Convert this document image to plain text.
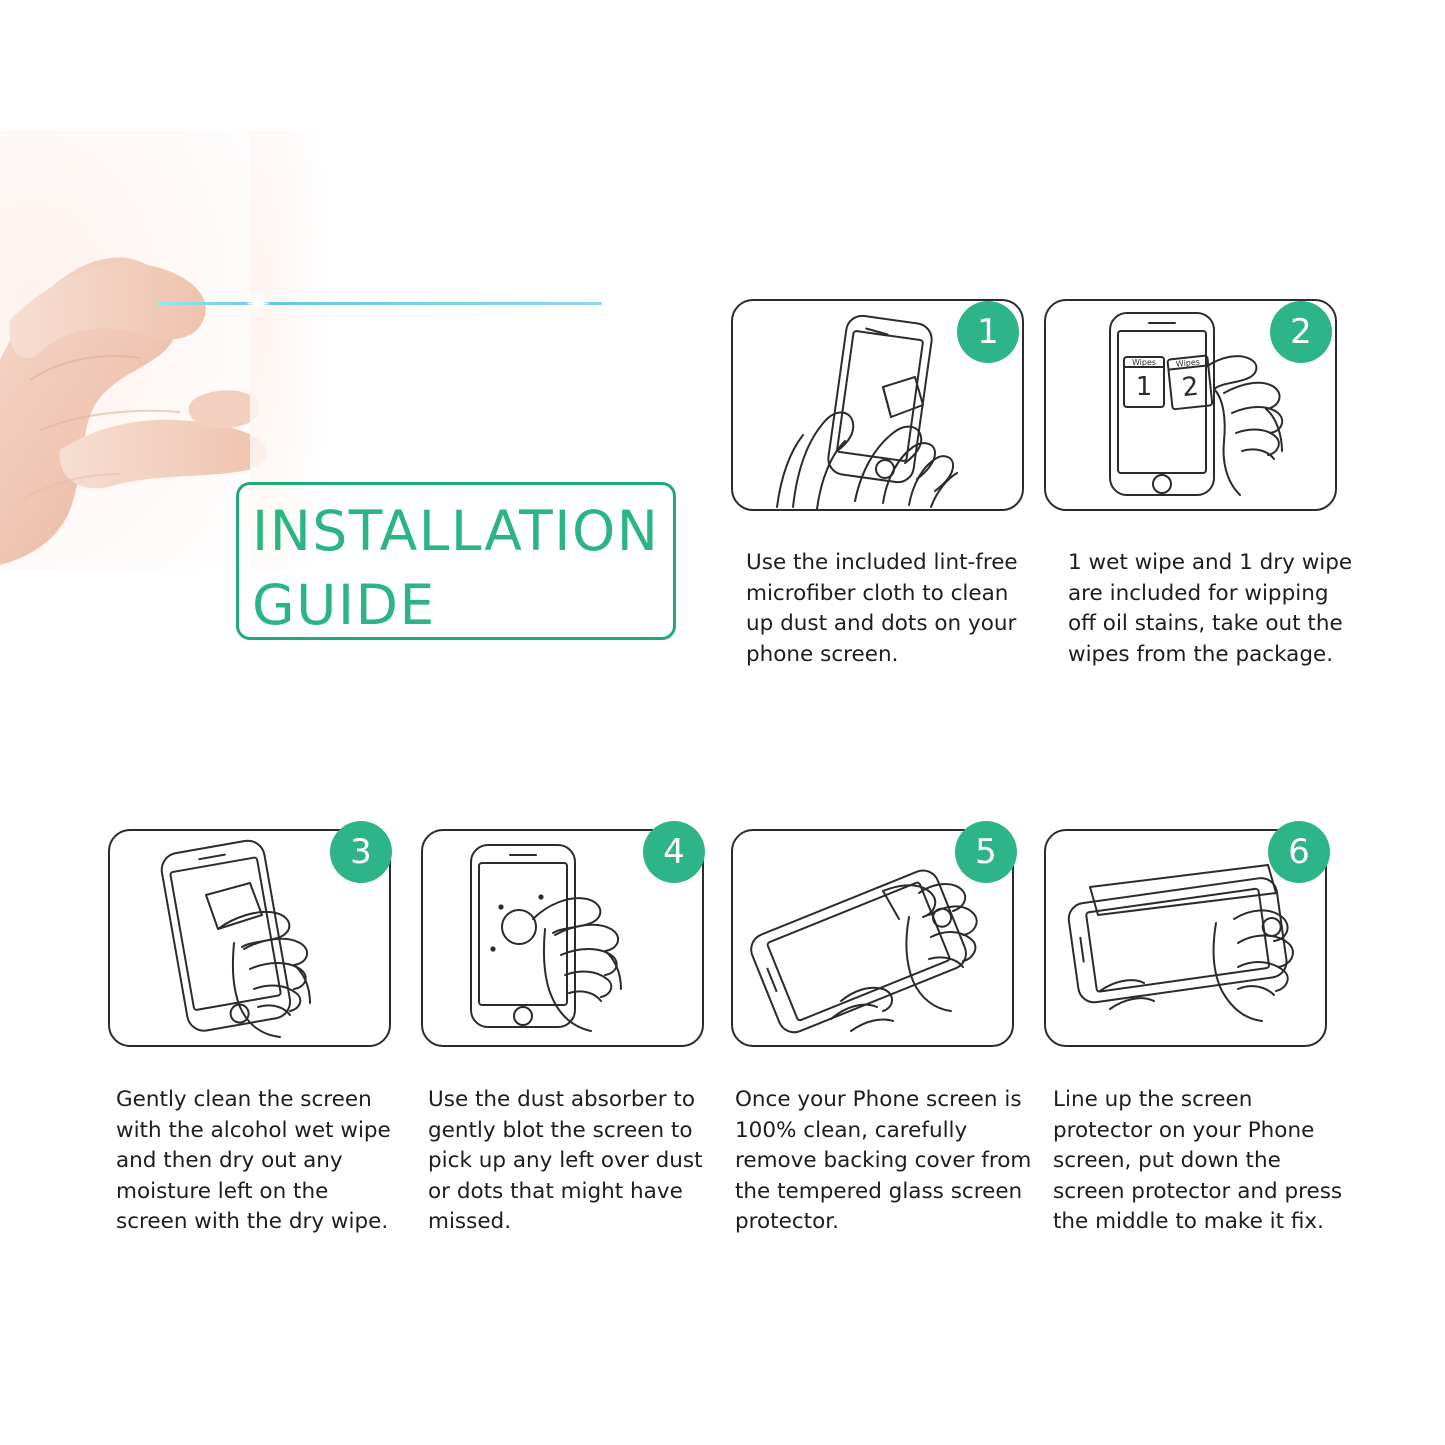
INSTALLATION
GUIDE
1
Use the included lint-free microfiber cloth to clean up dust and dots on your phone screen.
1
Wipes
2
Wipes
2
1 wet wipe and 1 dry wipe are included for wipping off oil stains, take out the wipes from the package.
3
Gently clean the screen with the alcohol wet wipe and then dry out any moisture left on the screen with the dry wipe.
4
Use the dust absorber to gently blot the screen to pick up any left over dust or dots that might have missed.
5
Once your Phone screen is 100% clean, carefully remove backing cover from the tempered glass screen protector.
6
Line up the screen protector on your Phone screen, put down the screen protector and press the middle to make it fix.
